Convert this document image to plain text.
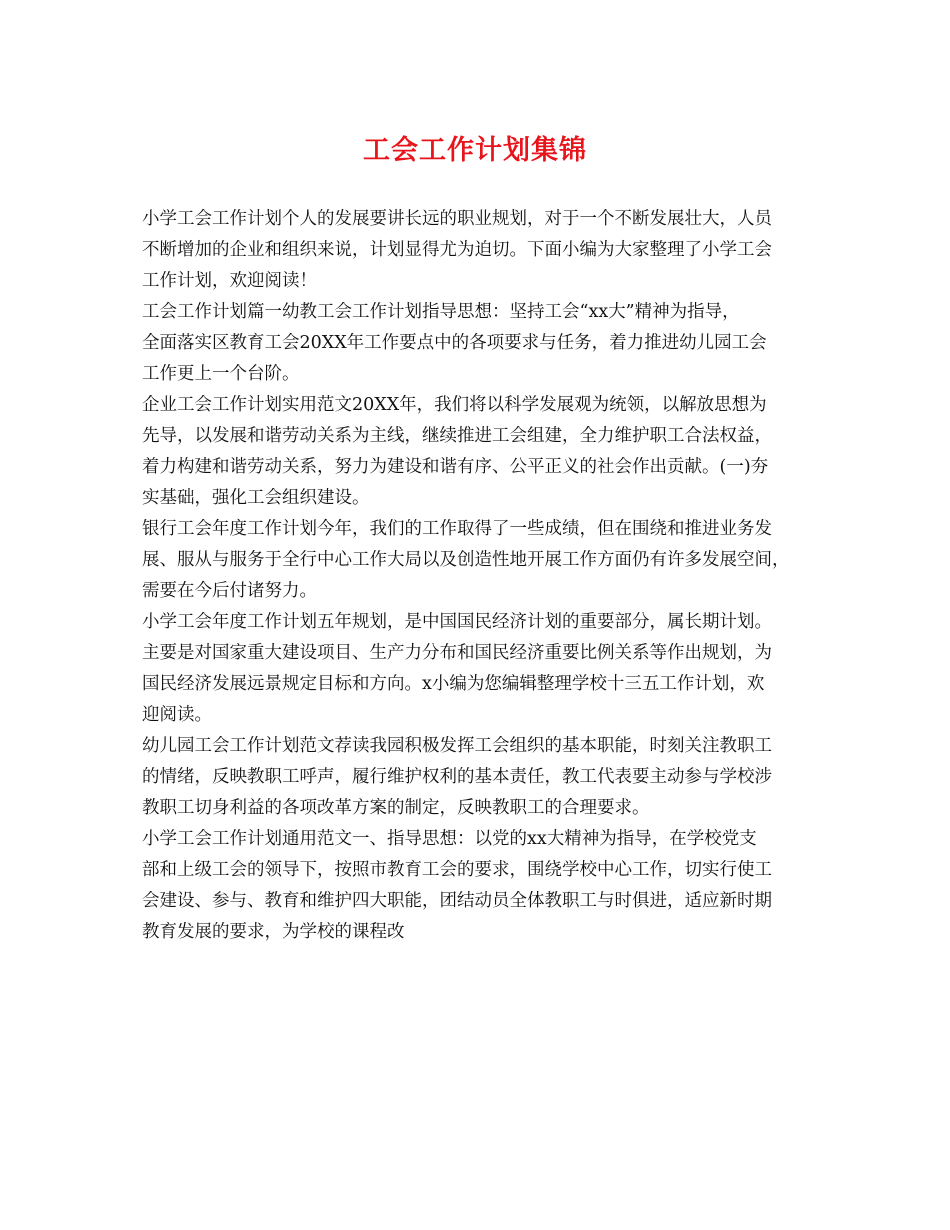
工会工作计划集锦
小学工会工作计划个人的发展要讲长远的职业规划，对于一个不断发展壮大，人员
不断增加的企业和组织来说，计划显得尤为迫切。下面小编为大家整理了小学工会
工作计划，欢迎阅读！
工会工作计划篇一幼教工会工作计划指导思想：坚持工会“xx大”精神为指导，
全面落实区教育工会20XX年工作要点中的各项要求与任务，着力推进幼儿园工会
工作更上一个台阶。
企业工会工作计划实用范文20XX年，我们将以科学发展观为统领，以解放思想为
先导，以发展和谐劳动关系为主线，继续推进工会组建，全力维护职工合法权益，
着力构建和谐劳动关系，努力为建设和谐有序、公平正义的社会作出贡献。(一)夯
实基础，强化工会组织建设。
银行工会年度工作计划今年，我们的工作取得了一些成绩，但在围绕和推进业务发
展、服从与服务于全行中心工作大局以及创造性地开展工作方面仍有许多发展空间，
需要在今后付诸努力。
小学工会年度工作计划五年规划，是中国国民经济计划的重要部分，属长期计划。
主要是对国家重大建设项目、生产力分布和国民经济重要比例关系等作出规划，为
国民经济发展远景规定目标和方向。x小编为您编辑整理学校十三五工作计划，欢
迎阅读。
幼儿园工会工作计划范文荐读我园积极发挥工会组织的基本职能，时刻关注教职工
的情绪，反映教职工呼声，履行维护权利的基本责任，教工代表要主动参与学校涉
教职工切身利益的各项改革方案的制定，反映教职工的合理要求。
小学工会工作计划通用范文一、指导思想：以党的xx大精神为指导，在学校党支
部和上级工会的领导下，按照市教育工会的要求，围绕学校中心工作，切实行使工
会建设、参与、教育和维护四大职能，团结动员全体教职工与时俱进，适应新时期
教育发展的要求，为学校的课程改
